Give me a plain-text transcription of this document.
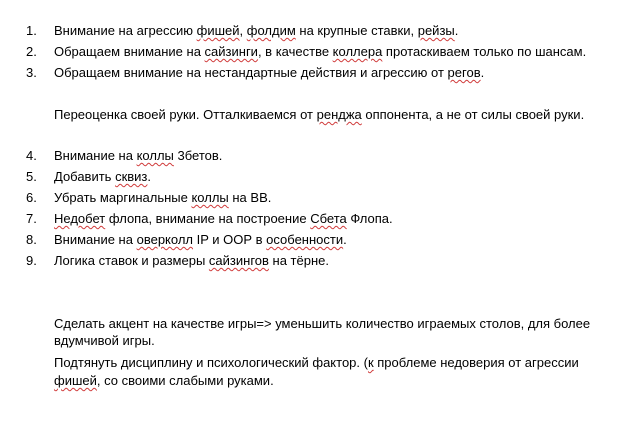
1. Внимание на агрессию фишей, фолдим на крупные ставки, рейзы.
2. Обращаем внимание на сайзинги, в качестве коллера протаскиваем только по шансам.
3. Обращаем внимание на нестандартные действия и агрессию от регов.
Переоценка своей руки. Отталкиваемся от ренджа оппонента, а не от силы своей руки.
4. Внимание на коллы 3бетов.
5. Добавить сквиз.
6. Убрать маргинальные коллы на ВВ.
7. Недобет флопа, внимание на построение Сбета Флопа.
8. Внимание на оверколл IP и ООР в особенности.
9. Логика ставок и размеры сайзингов на тёрне.
Сделать акцент на качестве игры=> уменьшить количество играемых столов, для более
вдумчивой игры.
Подтянуть дисциплину и психологический фактор. (к проблеме недоверия от агрессии
фишей, со своими слабыми руками.
